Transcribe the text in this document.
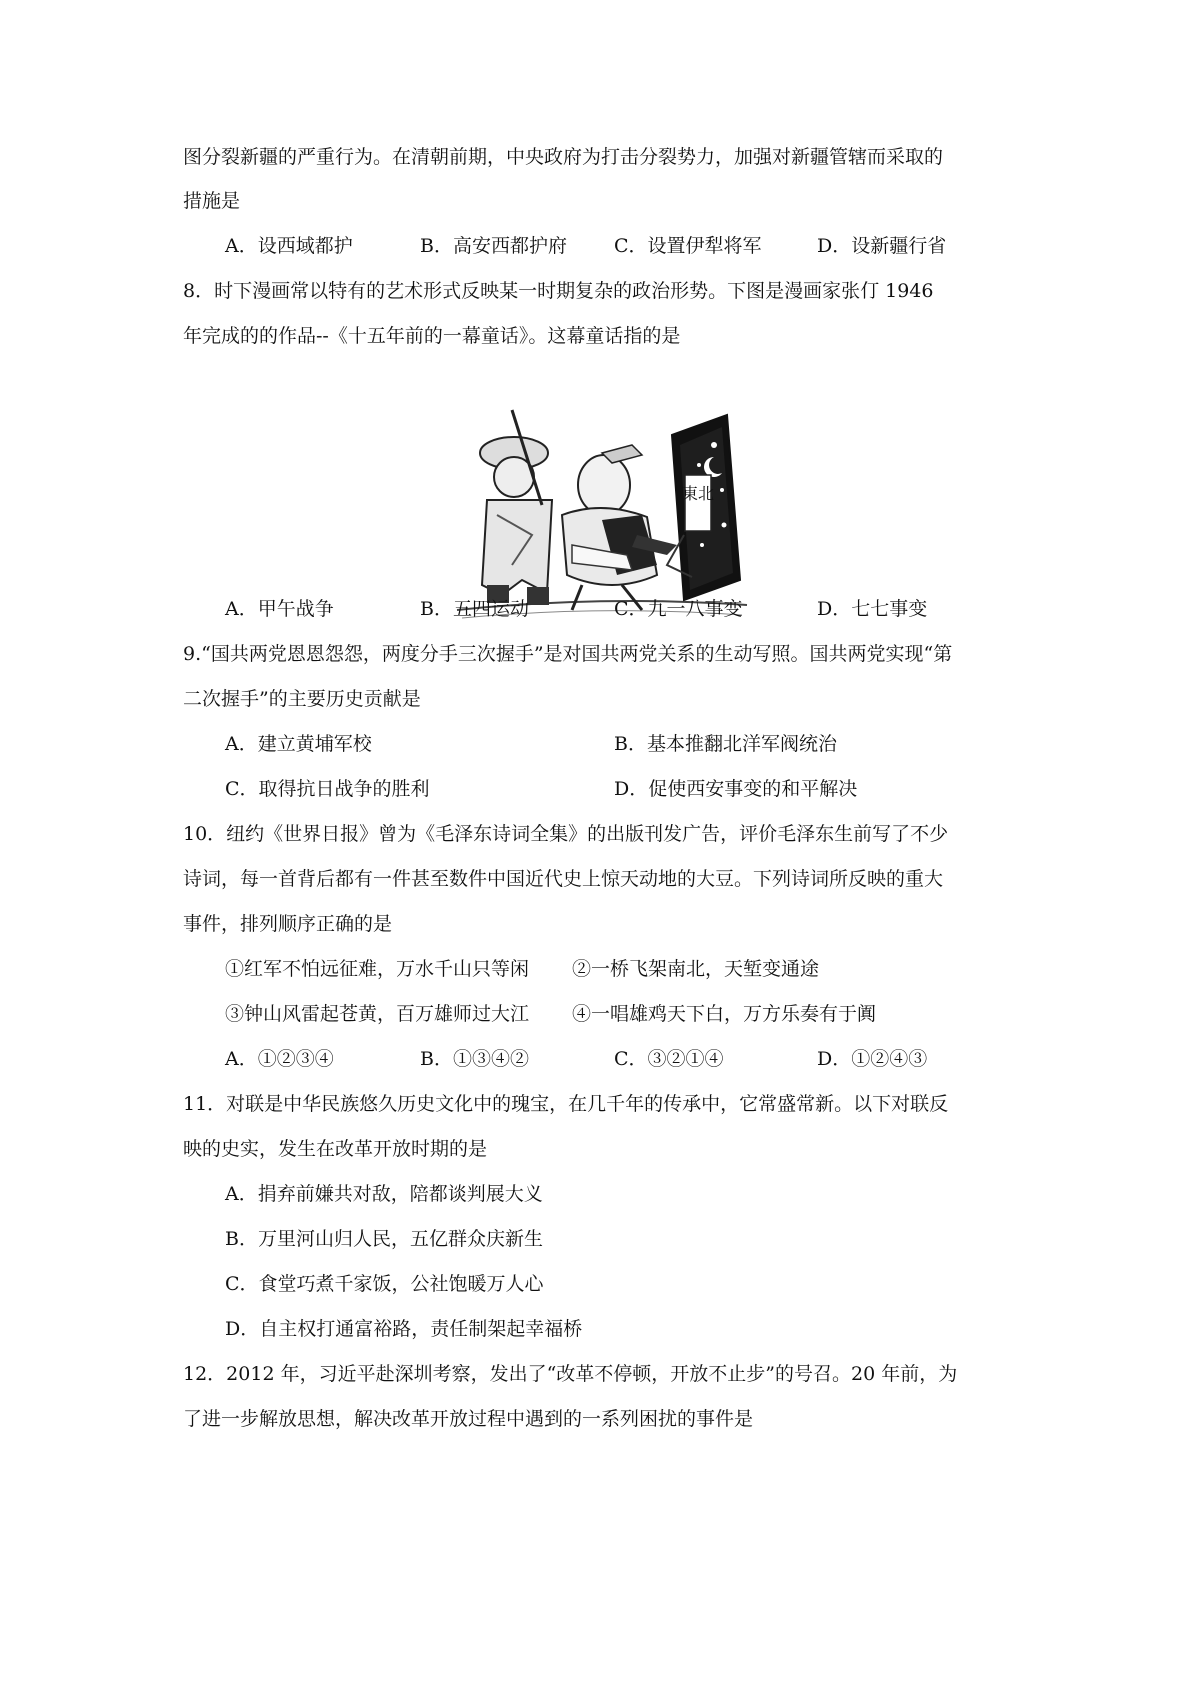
图分裂新疆的严重行为。在清朝前期，中央政府为打击分裂势力，加强对新疆管辖而采取的
措施是
A．设西域都护	B．高安西都护府 C．设置伊犁将军	D．设新疆行省
8．时下漫画常以特有的艺术形式反映某一时期复杂的政治形势。下图是漫画家张仃 1946
年完成的的作品--《十五年前的一幕童话》。这幕童话指的是
東北
A．甲午战争	B．五四运动	C．九一八事变	D．七七事变
9.“国共两党恩恩怨怨，两度分手三次握手”是对国共两党关系的生动写照。国共两党实现“第
二次握手”的主要历史贡献是
A．建立黄埔军校	B．基本推翻北洋军阀统治
C．取得抗日战争的胜利	D．促使西安事变的和平解决
10．纽约《世界日报》曾为《毛泽东诗词全集》的出版刊发广告，评价毛泽东生前写了不少
诗词，每一首背后都有一件甚至数件中国近代史上惊天动地的大豆。下列诗词所反映的重大
事件，排列顺序正确的是
①红军不怕远征难，万水千山只等闲 ②一桥飞架南北，天堑变通途
③钟山风雷起苍黄，百万雄师过大江 ④一唱雄鸡天下白，万方乐奏有于阗
A．①②③④	B．①③④②	C．③②①④	D．①②④③
11．对联是中华民族悠久历史文化中的瑰宝，在几千年的传承中，它常盛常新。以下对联反
映的史实，发生在改革开放时期的是
A．捐弃前嫌共对敌，陪都谈判展大义
B．万里河山归人民，五亿群众庆新生
C．食堂巧煮千家饭，公社饱暖万人心
D．自主权打通富裕路，责任制架起幸福桥
12．2012 年，习近平赴深圳考察，发出了“改革不停顿，开放不止步”的号召。20 年前，为
了进一步解放思想，解决改革开放过程中遇到的一系列困扰的事件是
